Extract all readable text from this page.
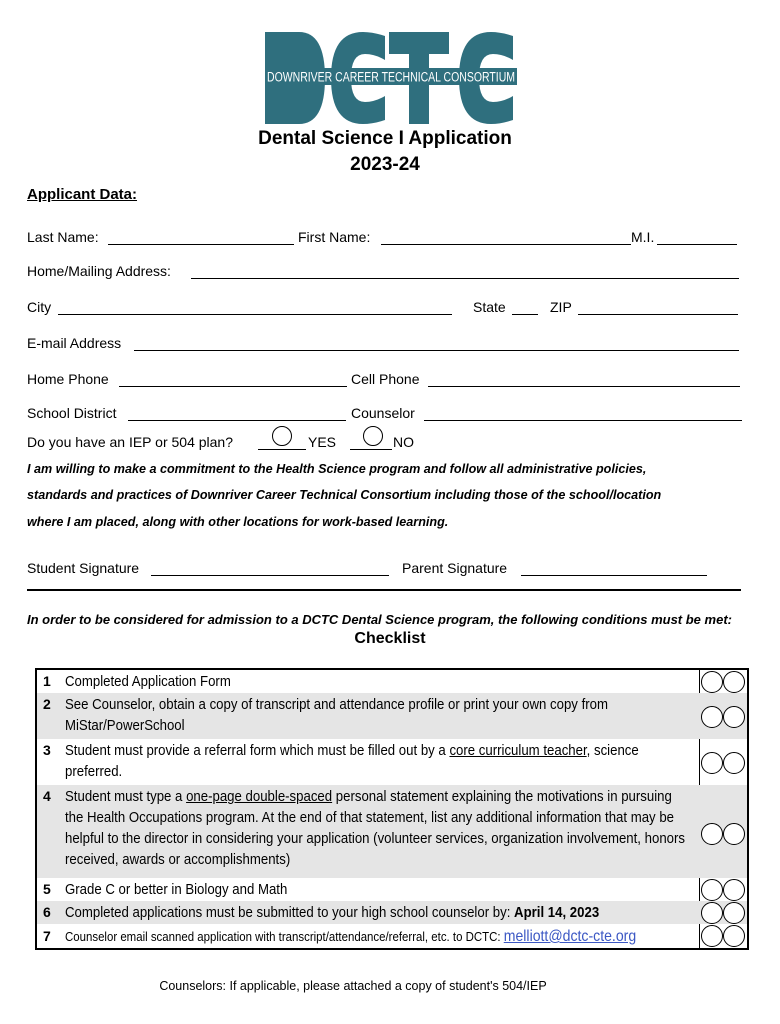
DOWNRIVER CAREER TECHNICAL CONSORTIUM
Dental Science I Application
2023-24
Applicant Data:
Last Name:	First Name:	M.I.
Home/Mailing Address:
City	State	ZIP
E-mail Address
Home Phone	Cell Phone
School District	Counselor
Do you have an IEP or 504 plan?	YES	NO
I am willing to make a commitment to the Health Science program and follow all administrative policies,
standards and practices of Downriver Career Technical Consortium including those of the school/location
where I am placed, along with other locations for work-based learning.
Student Signature	Parent Signature
In order to be considered for admission to a DCTC Dental Science program, the following conditions must be met:
Checklist
1 Completed Application Form
2 See Counselor, obtain a copy of transcript and attendance profile or print your own copy from MiStar/PowerSchool
3 Student must provide a referral form which must be filled out by a core curriculum teacher, science preferred.
4 Student must type a one-page double-spaced personal statement explaining the motivations in pursuing the Health Occupations program. At the end of that statement, list any additional information that may be helpful to the director in considering your application (volunteer services, organization involvement, honors received, awards or accomplishments)
5 Grade C or better in Biology and Math
6 Completed applications must be submitted to your high school counselor by: April 14, 2023
7 Counselor email scanned application with transcript/attendance/referral, etc. to DCTC: melliott@dctc-cte.org
Counselors: If applicable, please attached a copy of student's 504/IEP
